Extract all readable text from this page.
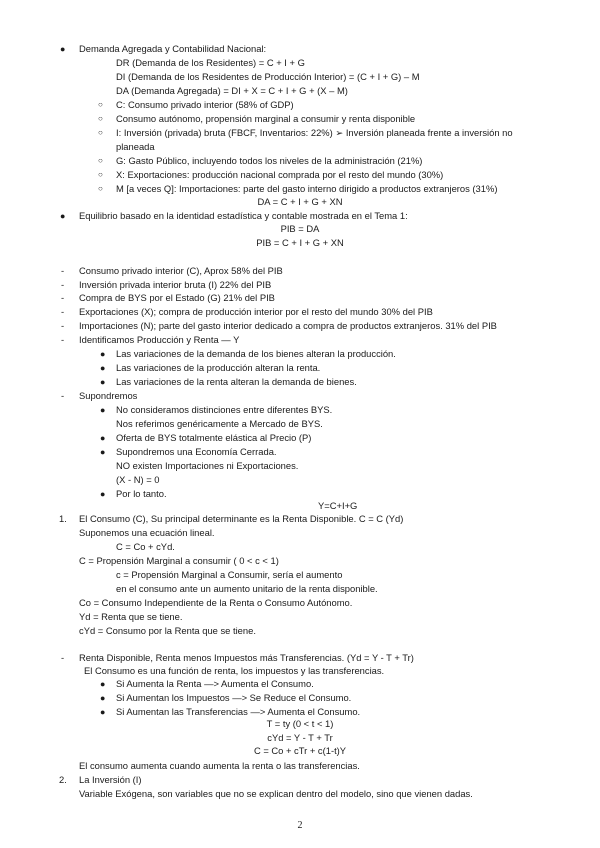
● Demanda Agregada y Contabilidad Nacional:
DR (Demanda de los Residentes) = C + I + G
DI (Demanda de los Residentes de Producción Interior) = (C + I + G) – M
DA (Demanda Agregada) = DI + X = C + I + G + (X – M)
○ C: Consumo privado interior (58% of GDP)
○ Consumo autónomo, propensión marginal a consumir y renta disponible
○ I: Inversión (privada) bruta (FBCF, Inventarios: 22%) ➢ Inversión planeada frente a inversión no
planeada
○ G: Gasto Público, incluyendo todos los niveles de la administración (21%)
○ X: Exportaciones: producción nacional comprada por el resto del mundo (30%)
○ M [a veces Q]: Importaciones: parte del gasto interno dirigido a productos extranjeros (31%)
DA = C + I + G + XN
● Equilibrio basado en la identidad estadística y contable mostrada en el Tema 1:
PIB = DA
PIB = C + I + G + XN
- Consumo privado interior (C), Aprox 58% del PIB
- Inversión privada interior bruta (I) 22% del PIB
- Compra de BYS por el Estado (G) 21% del PIB
- Exportaciones (X); compra de producción interior por el resto del mundo 30% del PIB
- Importaciones (N); parte del gasto interior dedicado a compra de productos extranjeros. 31% del PIB
- Identificamos Producción y Renta — Y
● Las variaciones de la demanda de los bienes alteran la producción.
● Las variaciones de la producción alteran la renta.
● Las variaciones de la renta alteran la demanda de bienes.
- Supondremos
● No consideramos distinciones entre diferentes BYS.
Nos referimos genéricamente a Mercado de BYS.
● Oferta de BYS totalmente elástica al Precio (P)
● Supondremos una Economía Cerrada.
NO existen Importaciones ni Exportaciones.
(X - N) = 0
● Por lo tanto.
Y=C+I+G
1. El Consumo (C), Su principal determinante es la Renta Disponible. C = C (Yd)
Suponemos una ecuación lineal.
C = Co + cYd.
C = Propensión Marginal a consumir ( 0 < c < 1)
c = Propensión Marginal a Consumir, sería el aumento
en el consumo ante un aumento unitario de la renta disponible.
Co = Consumo Independiente de la Renta o Consumo Autónomo.
Yd = Renta que se tiene.
cYd = Consumo por la Renta que se tiene.
- Renta Disponible, Renta menos Impuestos más Transferencias. (Yd = Y - T + Tr)
El Consumo es una función de renta, los impuestos y las transferencias.
● Si Aumenta la Renta —> Aumenta el Consumo.
● Si Aumentan los Impuestos —> Se Reduce el Consumo.
● Si Aumentan las Transferencias —> Aumenta el Consumo.
T = ty (0 < t < 1)
cYd = Y - T + Tr
C = Co + cTr + c(1-t)Y
El consumo aumenta cuando aumenta la renta o las transferencias.
2. La Inversión (I)
Variable Exógena, son variables que no se explican dentro del modelo, sino que vienen dadas.
2
